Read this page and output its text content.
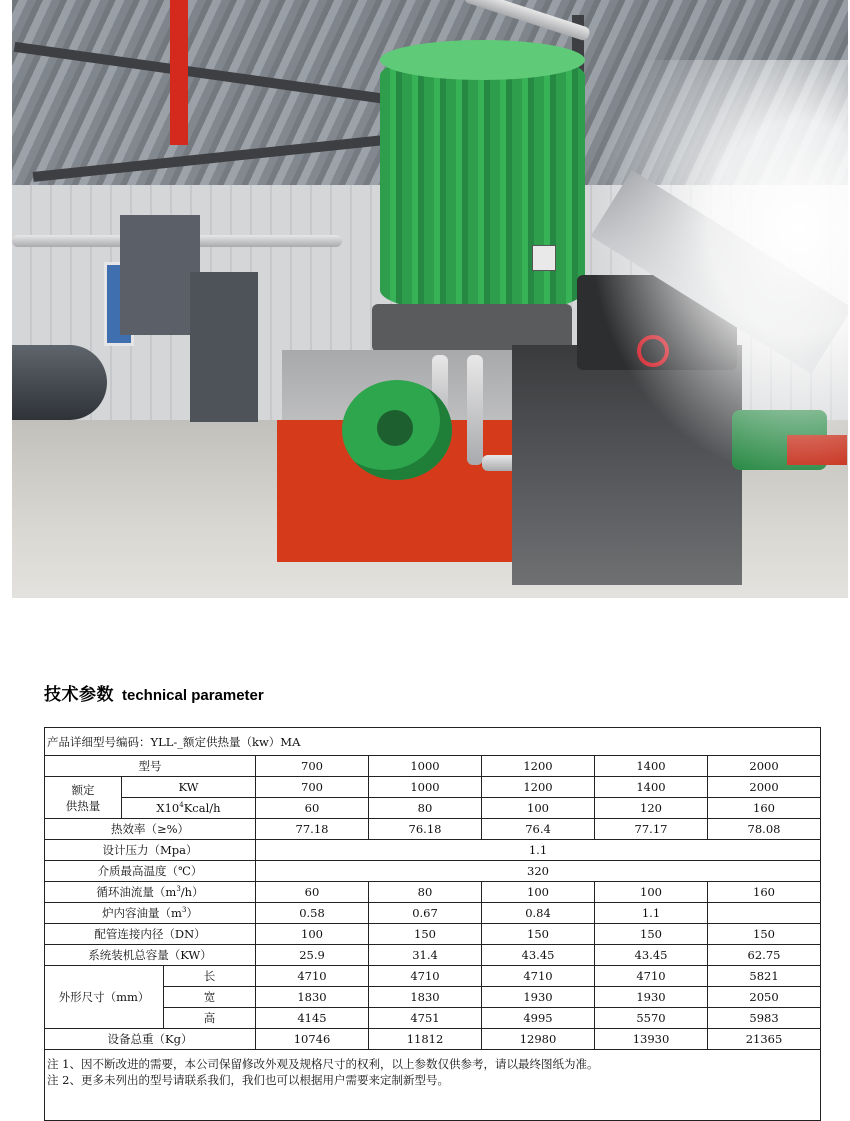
技术参数 technical parameter
产品详细型号编码：YLL-_额定供热量（kw）MA							
型号			700	1000	1200	1400	2000

额定
供热量	KW		700	1000	1200	1400	2000
	$X10^4Kcal/h$		60	80	100	120	160
热效率（≥%）			77.18	76.18	76.4	77.17	78.08
设计压力（Mpa）			1.1				
介质最高温度（℃）			320				
循环油流量$(m^3/h)$			60	80	100	100	160
炉内容油量$(m^3)$			0.58	0.67	0.84	1.1	
配管连接内径（DN）			100	150	150	150	150
系统装机总容量（KW）			25.9	31.4	43.45	43.45	62.75
外形尺寸（mm）		长	4710	4710	4710	4710	5821
		宽	1830	1830	1930	1930	2050
		高	4145	4751	4995	5570	5983
设备总重（Kg）			10746	11812	12980	13930	21365

注 1、因不断改进的需要，本公司保留修改外观及规格尺寸的权利，以上参数仅供参考，请以最终图纸为准。
注 2、更多未列出的型号请联系我们，我们也可以根据用户需要来定制新型号。							
